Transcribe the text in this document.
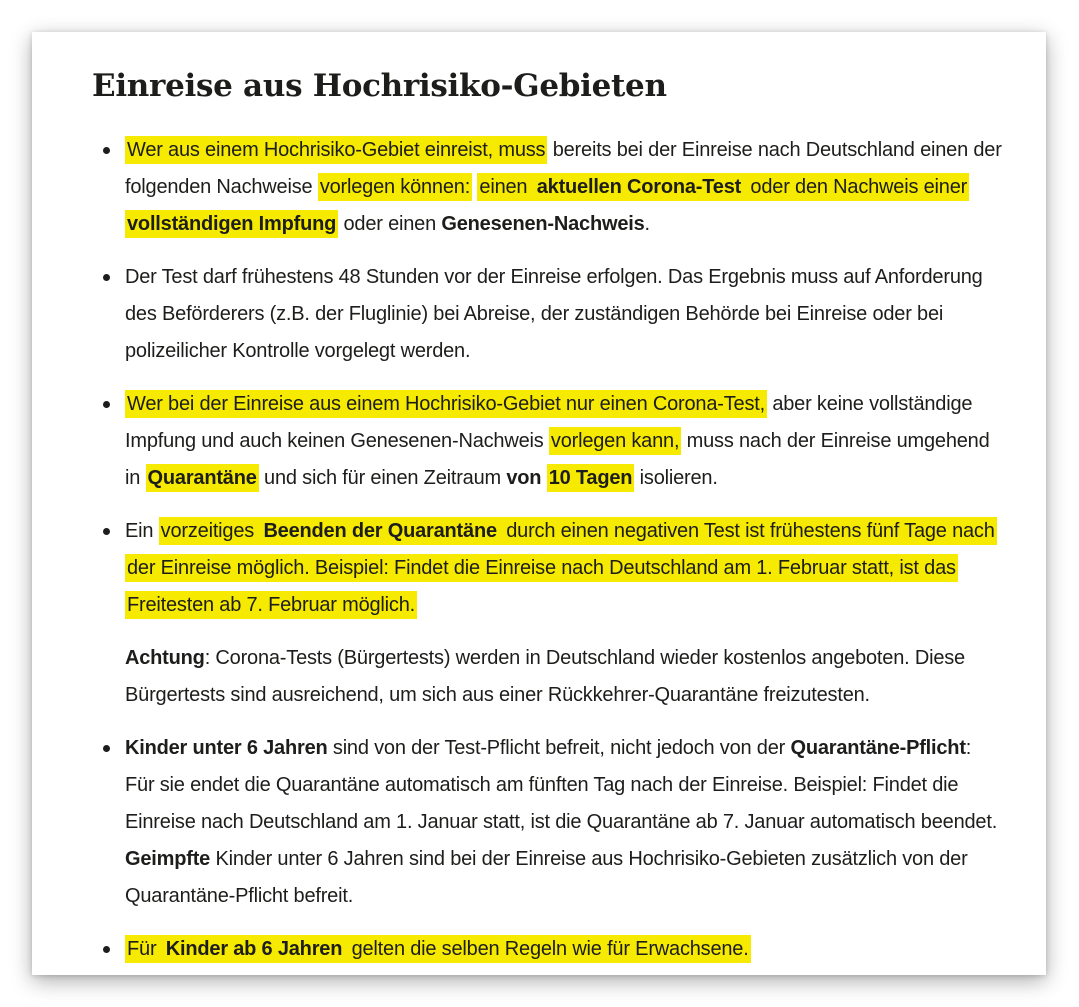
Einreise aus Hochrisiko-Gebieten
Wer aus einem Hochrisiko-Gebiet einreist, muss bereits bei der Einreise nach Deutschland einen der folgenden Nachweise vorlegen können: einen aktuellen Corona-Test oder den Nachweis einer vollständigen Impfung oder einen Genesenen-Nachweis.
Der Test darf frühestens 48 Stunden vor der Einreise erfolgen. Das Ergebnis muss auf Anforderung des Beförderers (z.B. der Fluglinie) bei Abreise, der zuständigen Behörde bei Einreise oder bei polizeilicher Kontrolle vorgelegt werden.
Wer bei der Einreise aus einem Hochrisiko-Gebiet nur einen Corona-Test, aber keine vollständige Impfung und auch keinen Genesenen-Nachweis vorlegen kann, muss nach der Einreise umgehend in Quarantäne und sich für einen Zeitraum von 10 Tagen isolieren.
Ein vorzeitiges Beenden der Quarantäne durch einen negativen Test ist frühestens fünf Tage nach der Einreise möglich. Beispiel: Findet die Einreise nach Deutschland am 1. Februar statt, ist das Freitesten ab 7. Februar möglich.

Achtung: Corona-Tests (Bürgertests) werden in Deutschland wieder kostenlos angeboten. Diese Bürgertests sind ausreichend, um sich aus einer Rückkehrer-Quarantäne freizutesten.

Kinder unter 6 Jahren sind von der Test-Pflicht befreit, nicht jedoch von der Quarantäne-Pflicht: Für sie endet die Quarantäne automatisch am fünften Tag nach der Einreise. Beispiel: Findet die Einreise nach Deutschland am 1. Januar statt, ist die Quarantäne ab 7. Januar automatisch beendet. Geimpfte Kinder unter 6 Jahren sind bei der Einreise aus Hochrisiko-Gebieten zusätzlich von der Quarantäne-Pflicht befreit.
Für Kinder ab 6 Jahren gelten die selben Regeln wie für Erwachsene.
